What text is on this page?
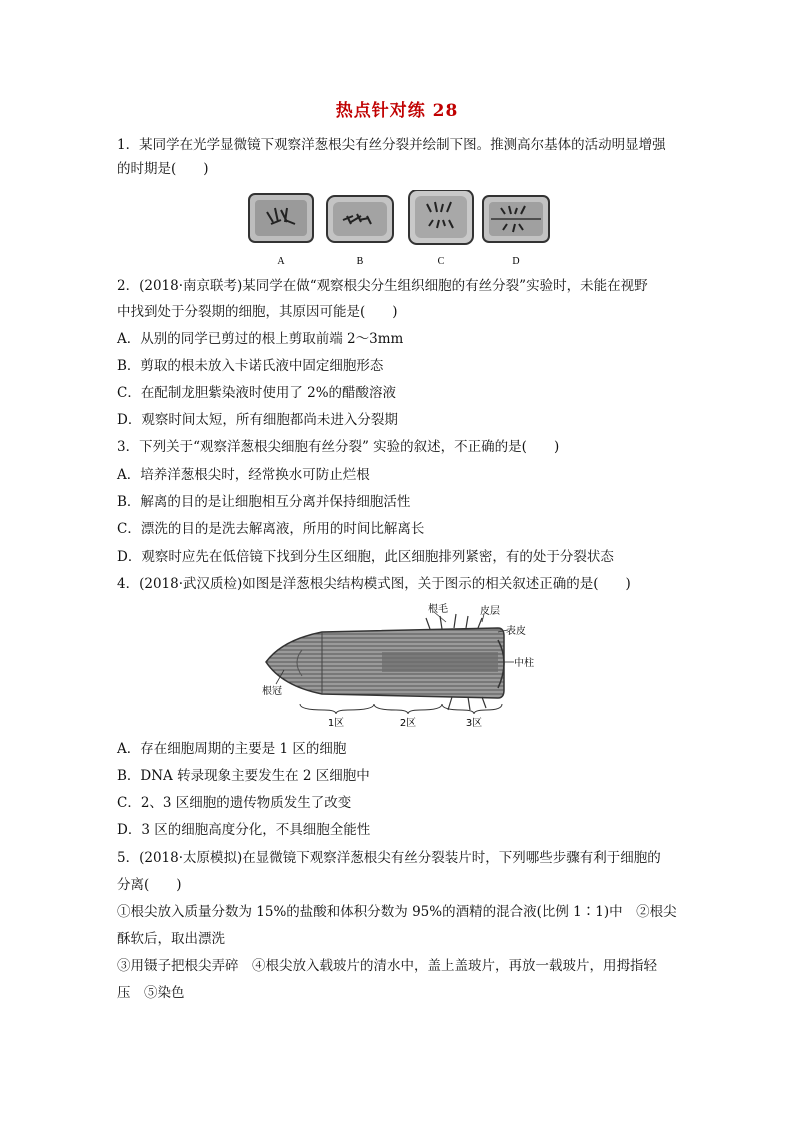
热点针对练 28
1．某同学在光学显微镜下观察洋葱根尖有丝分裂并绘制下图。推测高尔基体的活动明显增强
的时期是(　　)
A	B	C	D
2．(2018·南京联考)某同学在做“观察根尖分生组织细胞的有丝分裂”实验时，未能在视野
中找到处于分裂期的细胞，其原因可能是(　　)
A．从别的同学已剪过的根上剪取前端 2～3mm
B．剪取的根未放入卡诺氏液中固定细胞形态
C．在配制龙胆紫染液时使用了 2%的醋酸溶液
D．观察时间太短，所有细胞都尚未进入分裂期
3．下列关于“观察洋葱根尖细胞有丝分裂” 实验的叙述，不正确的是(　　)
A．培养洋葱根尖时，经常换水可防止烂根
B．解离的目的是让细胞相互分离并保持细胞活性
C．漂洗的目的是洗去解离液，所用的时间比解离长
D．观察时应先在低倍镜下找到分生区细胞，此区细胞排列紧密，有的处于分裂状态
4．(2018·武汉质检)如图是洋葱根尖结构模式图，关于图示的相关叙述正确的是(　　)
根毛	皮层
表皮
中柱
根冠
1区	2区	3区
A．存在细胞周期的主要是 1 区的细胞
B．DNA 转录现象主要发生在 2 区细胞中
C．2、3 区细胞的遗传物质发生了改变
D．3 区的细胞高度分化，不具细胞全能性
5．(2018·太原模拟)在显微镜下观察洋葱根尖有丝分裂装片时，下列哪些步骤有利于细胞的
分离(　　)
①根尖放入质量分数为 15%的盐酸和体积分数为 95%的酒精的混合液(比例 1∶1)中　②根尖
酥软后，取出漂洗
③用镊子把根尖弄碎　④根尖放入载玻片的清水中，盖上盖玻片，再放一载玻片，用拇指轻
压　⑤染色
